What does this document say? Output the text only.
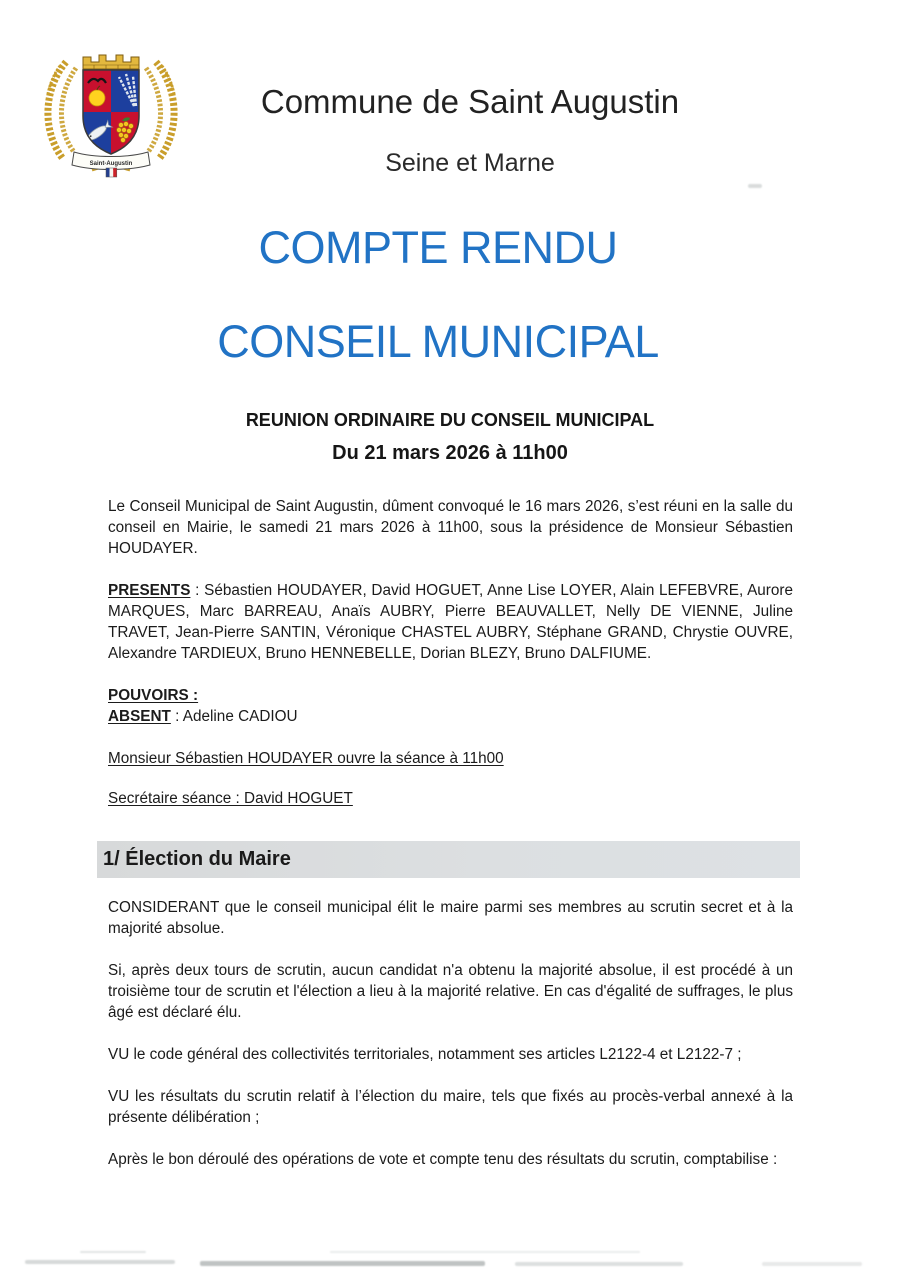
Saint-Augustin
Commune de Saint Augustin
Seine et Marne
COMPTE RENDU
CONSEIL MUNICIPAL
REUNION ORDINAIRE DU CONSEIL MUNICIPAL
Du 21 mars 2026 à 11h00

Le Conseil Municipal de Saint Augustin, dûment convoqué le 16 mars 2026, s’est réuni en la salle du conseil en Mairie, le samedi 21 mars 2026 à 11h00, sous la présidence de Monsieur Sébastien HOUDAYER.

PRESENTS : Sébastien HOUDAYER, David HOGUET, Anne Lise LOYER, Alain LEFEBVRE, Aurore MARQUES, Marc BARREAU, Anaïs AUBRY, Pierre BEAUVALLET, Nelly DE VIENNE, Juline TRAVET, Jean-Pierre SANTIN, Véronique CHASTEL AUBRY, Stéphane GRAND, Chrystie OUVRE, Alexandre TARDIEUX, Bruno HENNEBELLE, Dorian BLEZY, Bruno DALFIUME.

POUVOIRS :
ABSENT : Adeline CADIOU

Monsieur Sébastien HOUDAYER ouvre la séance à 11h00

Secrétaire séance : David HOGUET

1/ Élection du Maire

CONSIDERANT que le conseil municipal élit le maire parmi ses membres au scrutin secret et à la majorité absolue.

Si, après deux tours de scrutin, aucun candidat n'a obtenu la majorité absolue, il est procédé à un troisième tour de scrutin et l'élection a lieu à la majorité relative. En cas d'égalité de suffrages, le plus âgé est déclaré élu.

VU le code général des collectivités territoriales, notamment ses articles L2122-4 et L2122-7 ;

VU les résultats du scrutin relatif à l’élection du maire, tels que fixés au procès-verbal annexé à la présente délibération ;

Après le bon déroulé des opérations de vote et compte tenu des résultats du scrutin, comptabilise :
